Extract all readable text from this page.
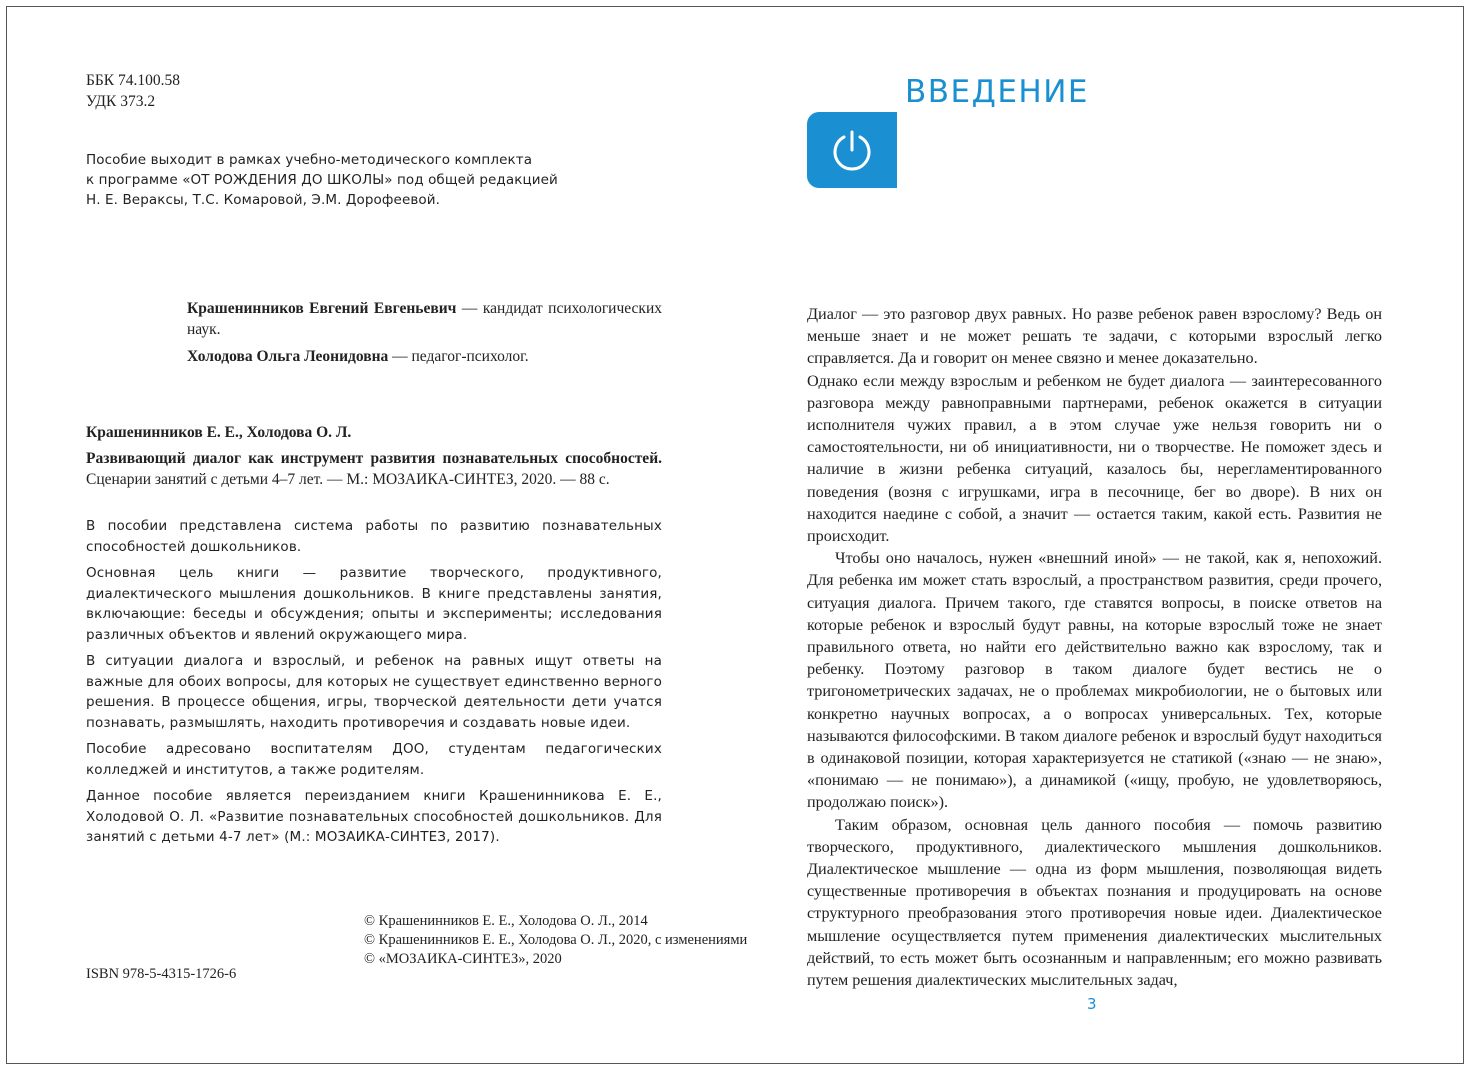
ББК 74.100.58
УДК 373.2
Пособие выходит в рамках учебно-методического комплекта
к программе «ОТ РОЖДЕНИЯ ДО ШКОЛЫ» под общей редакцией
Н. Е. Вераксы, Т.С. Комаровой, Э.М. Дорофеевой.

Крашенинников Евгений Евгеньевич — кандидат психологических наук.

Холодова Ольга Леонидовна — педагог-психолог.

Крашенинников Е. Е., Холодова О. Л.

Развивающий диалог как инструмент развития познавательных способностей. Сценарии занятий с детьми 4–7 лет. — М.: МОЗАИКА-СИНТЕЗ, 2020. — 88 с.

В пособии представлена система работы по развитию познавательных способностей дошкольников.

Основная цель книги — развитие творческого, продуктивного, диалектического мышления дошкольников. В книге представлены занятия, включающие: беседы и обсуждения; опыты и эксперименты; исследования различных объектов и явлений окружающего мира.

В ситуации диалога и взрослый, и ребенок на равных ищут ответы на важные для обоих вопросы, для которых не существует единственно верного решения. В процессе общения, игры, творческой деятельности дети учатся познавать, размышлять, находить противоречия и создавать новые идеи.

Пособие адресовано воспитателям ДОО, студентам педагогических колледжей и институтов, а также родителям.

Данное пособие является переизданием книги Крашенинникова Е. Е., Холодовой О. Л. «Развитие познавательных способностей дошкольников. Для занятий с детьми 4-7 лет» (М.: МОЗАИКА-СИНТЕЗ, 2017).

ISBN 978-5-4315-1726-6
© Крашенинников Е. Е., Холодова О. Л., 2014
© Крашенинников Е. Е., Холодова О. Л., 2020, с изменениями
© «МОЗАИКА-СИНТЕЗ», 2020
ВВЕДЕНИЕ

Диалог — это разговор двух равных. Но разве ребенок равен взрослому? Ведь он меньше знает и не может решать те задачи, с которыми взрослый легко справляется. Да и говорит он менее связно и менее доказательно.

Однако если между взрослым и ребенком не будет диалога — заинтересованного разговора между равноправными партнерами, ребенок окажется в ситуации исполнителя чужих правил, а в этом случае уже нельзя говорить ни о самостоятельности, ни об инициативности, ни о творчестве. Не поможет здесь и наличие в жизни ребенка ситуаций, казалось бы, нерегламентированного поведения (возня с игрушками, игра в песочнице, бег во дворе). В них он находится наедине с собой, а значит — остается таким, какой есть. Развития не происходит.

Чтобы оно началось, нужен «внешний иной» — не такой, как я, непохожий. Для ребенка им может стать взрослый, а пространством развития, среди прочего, ситуация диалога. Причем такого, где ставятся вопросы, в поиске ответов на которые ребенок и взрослый будут равны, на которые взрослый тоже не знает правильного ответа, но найти его действительно важно как взрослому, так и ребенку. Поэтому разговор в таком диалоге будет вестись не о тригонометрических задачах, не о проблемах микробиологии, не о бытовых или конкретно научных вопросах, а о вопросах универсальных. Тех, которые называются философскими. В таком диалоге ребенок и взрослый будут находиться в одинаковой позиции, которая характеризуется не статикой («знаю — не знаю», «понимаю — не понимаю»), а динамикой («ищу, пробую, не удовлетворяюсь, продолжаю поиск»).

Таким образом, основная цель данного пособия — помочь развитию творческого, продуктивного, диалектического мышления дошкольников. Диалектическое мышление — одна из форм мышления, позволяющая видеть существенные противоречия в объектах познания и продуцировать на основе структурного преобразования этого противоречия новые идеи. Диалектическое мышление осуществляется путем применения диалектических мыслительных действий, то есть может быть осознанным и направленным; его можно развивать путем решения диалектических мыслительных задач,

3
